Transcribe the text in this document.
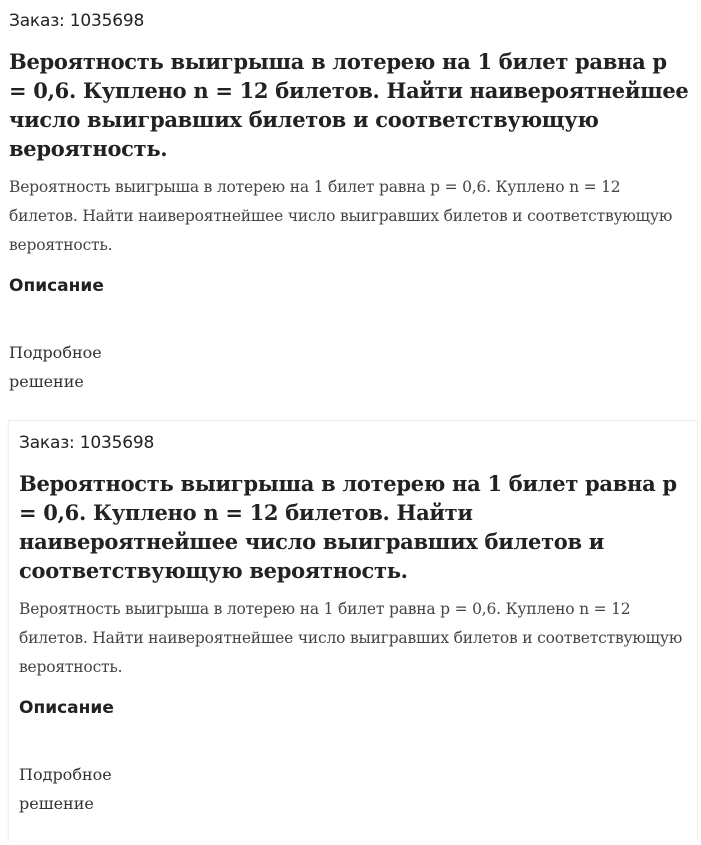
Заказ: 1035698
Вероятность выигрыша в лотерею на 1 билет равна p = 0,6. Куплено n = 12 билетов. Найти наивероятнейшее число выигравших билетов и соответствующую вероятность.
Вероятность выигрыша в лотерею на 1 билет равна p = 0,6. Куплено n = 12 билетов. Найти наивероятнейшее число выигравших билетов и соответствующую вероятность.
Описание
Подробное решение
Заказ: 1035698
Вероятность выигрыша в лотерею на 1 билет равна p = 0,6. Куплено n = 12 билетов. Найти наивероятнейшее число выигравших билетов и соответствующую вероятность.
Вероятность выигрыша в лотерею на 1 билет равна p = 0,6. Куплено n = 12 билетов. Найти наивероятнейшее число выигравших билетов и соответствующую вероятность.
Описание
Подробное решение
